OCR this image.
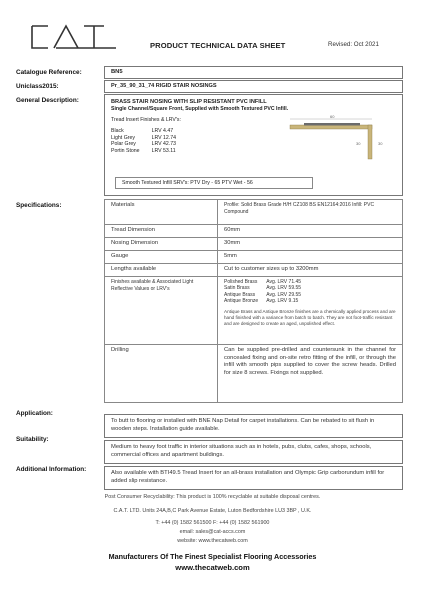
PRODUCT TECHNICAL DATA SHEET	Revised: Oct 2021
Catalogue Reference:	BN5
Uniclass2015:	Pr_35_90_31_74 RIGID STAIR NOSINGS
General Description:	BRASS STAIR NOSING WITH SLIP RESISTANT PVC INFILL
Single Channel/Square Front, Supplied with Smooth Textured PVC Infill.
Tread Insert Finishes & LRV's:
Black	LRV 4.47
Light Grey	LRV 12.74
Polar Grey	LRV 42.73
Portin Stone	LRV 53.11
60
30	30
Smooth Textured Infill SRV's: PTV Dry - 65 PTV Wet - 56
Specifications:	Materials	Profile: Solid Brass Grade H/H CZ108 BS EN12164:2016 Infill: PVC Compound
Tread Dimension	60mm
Nosing Dimension	30mm
Gauge	5mm
Lengths available	Cut to customer sizes up to 3200mm
Finishes available & Associated Light Reflective Values or LRV's	
Polished Brass	Avg. LRV 71.45
Satin Brass	Avg. LRV 59.55
Antique Brass	Avg. LRV 29.55
Antique Bronze	Avg. LRV 9.15
Antique Brass and Antique Bronze finishes are a chemically applied process and are hand finished with a variance from batch to batch. They are not foot-traffic resistant and are designed to create an aged, unpolished effect.

Drilling	Can be supplied pre-drilled and countersunk in the channel for concealed fixing and on-site retro fitting of the infill, or through the infill with smooth pips supplied to cover the screw heads. Drilled for size 8 screws. Fixings not supplied.
Application:
To butt to flooring or installed with BNE Nap Detail for carpet installations. Can be rebated to sit flush in wooden steps. Installation guide available.
Suitability:
Medium to heavy foot traffic in interior situations such as in hotels, pubs, clubs, cafes, shops, schools, commercial offices and apartment buildings.
Additional Information:	Also available with BTI49.5 Tread Insert for an all-brass installation and Olympic Grip carborundum infill for added slip resistance.
Post Consumer Recyclability: This product is 100% recyclable at suitable disposal centres.
C.A.T. LTD. Units 24A,B,C Park Avenue Estate, Luton Bedfordshire LU3 3BP , U.K.
T: +44 (0) 1582 561500 F: +44 (0) 1582 561900
email: sales@cat-accs.com
website: www.thecatweb.com
Manufacturers Of The Finest Specialist Flooring Accessories
www.thecatweb.com
